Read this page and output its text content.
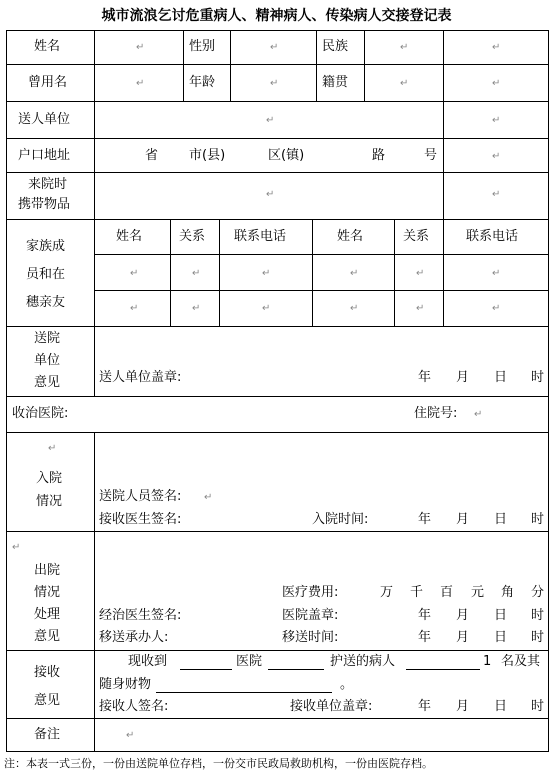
城市流浪乞讨危重病人、精神病人、传染病人交接登记表
姓名	↵	性别	↵	民族	↵	↵
曾用名	↵	年龄	↵	籍贯	↵	↵
送人单位	↵	↵
户口地址	省 市(县)	区(镇)	路	号	↵
来院时
携带物品
↵	↵
家族成
员和在
穗亲友
姓名	关系 联系电话	姓名	关系	联系电话
↵	↵	↵	↵	↵	↵
↵	↵	↵	↵	↵	↵
送院
单位
意见	送人单位盖章:	年 月 日 时
收治医院:	住院号: ↵
↵
入院
情况	送院人员签名: ↵
接收医生签名:	入院时间:	年 月 日 时
↵
出院
情况
处理
意见
医疗费用:	万 千 百 元 角 分
经治医生签名:	医院盖章:	年 月 日 时
移送承办人:	移送时间:	年 月 日 时
接收
意见
现收到	医院	护送的病人	1 名及其
随身财物	。
接收人签名:	接收单位盖章:	年 月 日 时
备注	↵
注：本表一式三份，一份由送院单位存档，一份交市民政局救助机构，一份由医院存档。
